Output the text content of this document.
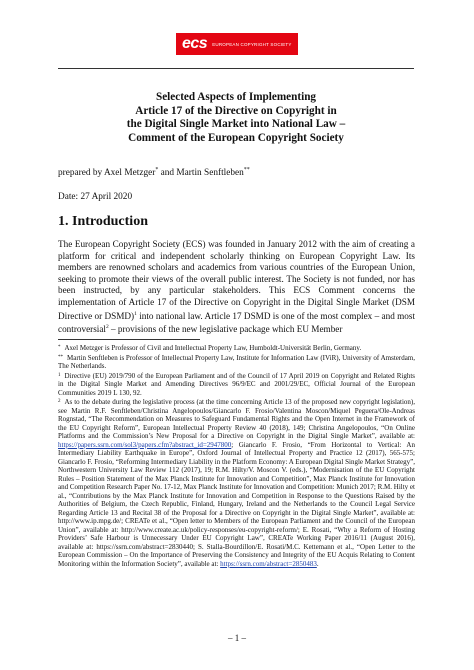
ecs EUROPEAN COPYRIGHT SOCIETY
Selected Aspects of Implementing
Article 17 of the Directive on Copyright in
the Digital Single Market into National Law –
Comment of the European Copyright Society
prepared by Axel Metzger* and Martin Senftleben**
Date: 27 April 2020
1. Introduction

The European Copyright Society (ECS) was founded in January 2012 with the aim of creating a platform for critical and independent scholarly thinking on European Copyright Law. Its members are renowned scholars and academics from various countries of the European Union, seeking to promote their views of the overall public interest. The Society is not funded, nor has been instructed, by any particular stakeholders. This ECS Comment concerns the implementation of Article 17 of the Directive on Copyright in the Digital Single Market (DSM Directive or DSMD)$^1$ into national law. Article 17 DSMD is one of the most complex – and most controversial$^2$ – provisions of the new legislative package which EU Member

* Axel Metzger is Professor of Civil and Intellectual Property Law, Humboldt-Universität Berlin, Germany.

** Martin Senftleben is Professor of Intellectual Property Law, Institute for Information Law (IViR), University of Amsterdam, The Netherlands.

$^1$ Directive (EU) 2019/790 of the European Parliament and of the Council of 17 April 2019 on Copyright and Related Rights in the Digital Single Market and Amending Directives 96/9/EC and 2001/29/EC, Official Journal of the European Communities 2019 L 130, 92.

$^2$ As to the debate during the legislative process (at the time concerning Article 13 of the proposed new copyright legislation), see Martin R.F. Senftleben/Christina Angelopoulos/Giancarlo F. Frosio/Valentina Moscon/Miquel Peguera/Ole-Andreas Rognstad, “The Recommendation on Measures to Safeguard Fundamental Rights and the Open Internet in the Framework of the EU Copyright Reform”, European Intellectual Property Review 40 (2018), 149; Christina Angelopoulos, “On Online Platforms and the Commission’s New Proposal for a Directive on Copyright in the Digital Single Market”, available at: https://papers.ssrn.com/sol3/papers.cfm?abstract_id=2947800; Giancarlo F. Frosio, “From Horizontal to Vertical: An Intermediary Liability Earthquake in Europe”, Oxford Journal of Intellectual Property and Practice 12 (2017), 565-575; Giancarlo F. Frosio, “Reforming Intermediary Liability in the Platform Economy: A European Digital Single Market Strategy”, Northwestern University Law Review 112 (2017), 19; R.M. Hilty/V. Moscon V. (eds.), “Modernisation of the EU Copyright Rules – Position Statement of the Max Planck Institute for Innovation and Competition”, Max Planck Institute for Innovation and Competition Research Paper No. 17-12, Max Planck Institute for Innovation and Competition: Munich 2017; R.M. Hilty et al., “Contributions by the Max Planck Institute for Innovation and Competition in Response to the Questions Raised by the Authorities of Belgium, the Czech Republic, Finland, Hungary, Ireland and the Netherlands to the Council Legal Service Regarding Article 13 and Recital 38 of the Proposal for a Directive on Copyright in the Digital Single Market”, available at: http://www.ip.mpg.de/; CREATe et al., “Open letter to Members of the European Parliament and the Council of the European Union”, available at: http://www.create.ac.uk/policy-responses/eu-copyright-reform/; E. Rosati, “Why a Reform of Hosting Providers’ Safe Harbour is Unnecessary Under EU Copyright Law”, CREATe Working Paper 2016/11 (August 2016), available at: https://ssrn.com/abstract=2830440; S. Stalla-Bourdillon/E. Rosati/M.C. Kettemann et al., “Open Letter to the European Commission – On the Importance of Preserving the Consistency and Integrity of the EU Acquis Relating to Content Monitoring within the Information Society”, available at: https://ssrn.com/abstract=2850483.

– 1 –
